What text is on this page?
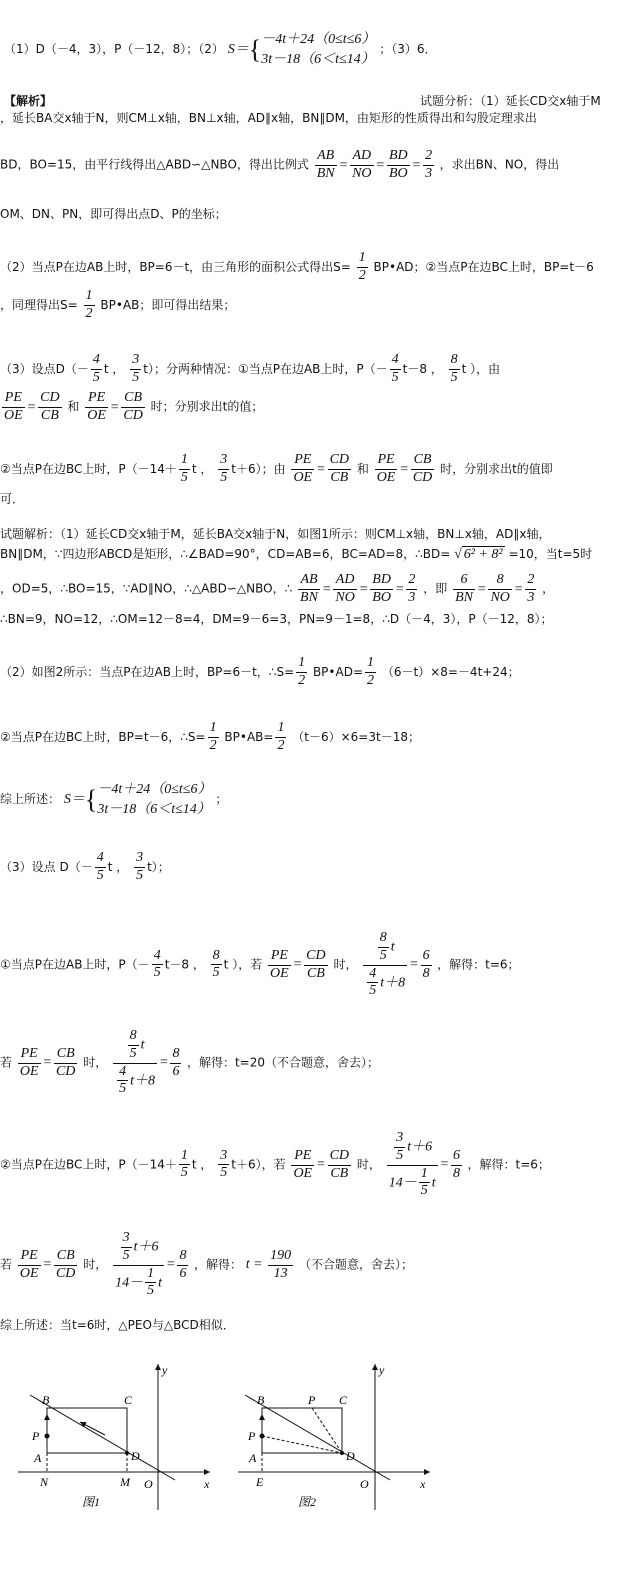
（1）D（－4，3），P（－12，8）；（2） S＝{ －4t＋24（0≤t≤6）
3t－18（6＜t≤14）
；（3）6．
【解析】	试题分析：（1）延长CD交x轴于M
，延长BA交x轴于N，则CM⊥x轴，BN⊥x轴，AD∥x轴，BN∥DM，由矩形的性质得出和勾股定理求出
BD，BO=15，由平行线得出△ABD∽△NBO，得出比例式 $\frac{AB}{BN} = \frac{AD}{NO} = \frac{BD}{BO} = \frac{2}{3}$ ，求出BN、NO，得出
OM、DN、PN，即可得出点D、P的坐标；
（2）当点P在边AB上时，BP=6－t，由三角形的面积公式得出$S= \frac{1}{2}$ BP•AD；②当点P在边BC上时，BP=t－6
，同理得出$S= \frac{1}{2}$ BP•AB；即可得出结果；
（3）设点$D(- \frac{4}{5}$ t ， $\frac{3}{5} t$）；分两种情况：①当点P在边AB上时，$P(- \frac{4}{5} t-8$ ， $\frac{8}{5}$ t ），由
$\frac{PE}{OE} = \frac{CD}{CB}$ 和 $\frac{PE}{OE} = \frac{CB}{CD}$ 时；分别求出t的值；
②当点P在边BC上时，$P(-14+ \frac{1}{5}$ t ， $\frac{3}{5} t+6$）；由 $\frac{PE}{OE} = \frac{CD}{CB}$ 和 $\frac{PE}{OE} = \frac{CB}{CD}$ 时，分别求出t的值即
可．
试题解析：（1）延长CD交x轴于M，延长BA交x轴于N，如图1所示：则CM⊥x轴，BN⊥x轴，AD∥x轴，
BN∥DM，∵四边形ABCD是矩形，∴∠BAD=90°，CD=AB=6，BC=AD=8，∴BD= √ 6² + 8² =10，当t=5时
，OD=5，∴BO=15，∵AD∥NO，∴△ABD∽△NBO，∴ $\frac{AB}{BN} = \frac{AD}{NO} = \frac{BD}{BO} = \frac{2}{3}$ ，即 $\frac{6}{BN} = \frac{8}{NO} = \frac{2}{3}$ ，
∴BN=9，NO=12，∴OM=12－8=4，DM=9－6=3，PN=9－1=8，∴D（－4，3），P（－12，8）；
（2）如图2所示：当点P在边AB上时，BP=6－t，∴S= $\frac{1}{2}$ BP•AD= $\frac{1}{2} (6-t)\times 8=-4t+24$；
②当点P在边BC上时，BP=t－6，∴S= $\frac{1}{2}$ BP•AB= $\frac{1}{2} (t-6)\times 6=3t-18$；
综上所述： S＝{ －4t＋24（0≤t≤6）
3t－18（6＜t≤14）
；
（3）设点 $D(- \frac{4}{5}$ t ， $\frac{3}{5} t$）；
①当点P在边AB上时，$P(- \frac{4}{5} t-8$ ， $\frac{8}{5}$ t ），若 $\frac{PE}{OE} = \frac{CD}{CB}$ 时， $\frac{\frac{8}{5} t}{\frac{4}{5} t+8} = \frac{6}{8}$ ，解得：t=6；
若 $\frac{PE}{OE} = \frac{CB}{CD}$ 时， $\frac{\frac{8}{5} t}{\frac{4}{5} t+8} = \frac{8}{6}$ ，解得：t=20（不合题意，舍去）；
②当点P在边BC上时，$P(-14+ \frac{1}{5}$ t ， $\frac{3}{5} t+6$），若 $\frac{PE}{OE} = \frac{CD}{CB}$ 时， $\frac{\frac{3}{5} t+6}{14- \frac{1}{5} t} = \frac{6}{8}$ ，解得：t=6；
若 $\frac{PE}{OE} = \frac{CB}{CD}$ 时， $\frac{\frac{3}{5} t+6}{14- \frac{1}{5} t} = \frac{8}{6}$ ，解得： $t = \frac{190}{13}$ （不合题意，舍去）；
综上所述：当t=6时，△PEO与△BCD相似．
B	C
P
A	D
N	M O	x
y
图1
B	P C
P
A	D
E	O	x
y
图2
